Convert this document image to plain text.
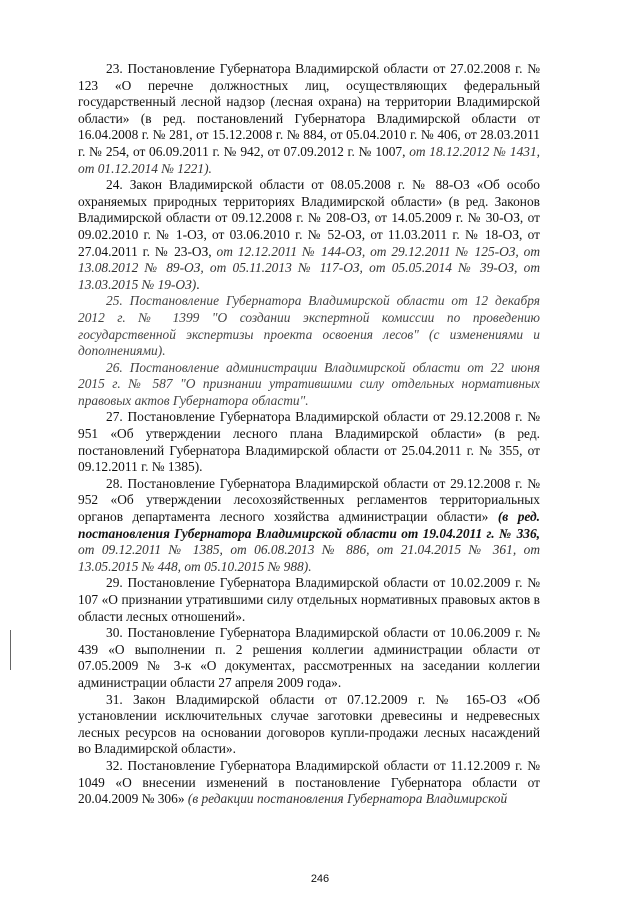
23. Постановление Губернатора Владимирской области от 27.02.2008 г. № 123 «О перечне должностных лиц, осуществляющих федеральный государственный лесной надзор (лесная охрана) на территории Владимирской области» (в ред. постановлений Губернатора Владимирской области от 16.04.2008 г. № 281, от 15.12.2008 г. № 884, от 05.04.2010 г. № 406, от 28.03.2011 г. № 254, от 06.09.2011 г. № 942, от 07.09.2012 г. № 1007, от 18.12.2012 № 1431, от 01.12.2014 № 1221).

24. Закон Владимирской области от 08.05.2008 г. № 88-ОЗ «Об особо охраняемых природных территориях Владимирской области» (в ред. Законов Владимирской области от 09.12.2008 г. № 208-ОЗ, от 14.05.2009 г. № 30-ОЗ, от 09.02.2010 г. № 1-ОЗ, от 03.06.2010 г. № 52-ОЗ, от 11.03.2011 г. № 18-ОЗ, от 27.04.2011 г. № 23-ОЗ, от 12.12.2011 № 144-ОЗ, от 29.12.2011 № 125-ОЗ, от 13.08.2012 № 89-ОЗ, от 05.11.2013 № 117-ОЗ, от 05.05.2014 № 39-ОЗ, от 13.03.2015 № 19-ОЗ).

25. Постановление Губернатора Владимирской области от 12 декабря 2012 г. № 1399 "О создании экспертной комиссии по проведению государственной экспертизы проекта освоения лесов" (с изменениями и дополнениями).

26. Постановление администрации Владимирской области от 22 июня 2015 г. № 587 "О признании утратившими силу отдельных нормативных правовых актов Губернатора области".

27. Постановление Губернатора Владимирской области от 29.12.2008 г. № 951 «Об утверждении лесного плана Владимирской области» (в ред. постановлений Губернатора Владимирской области от 25.04.2011 г. № 355, от 09.12.2011 г. № 1385).

28. Постановление Губернатора Владимирской области от 29.12.2008 г. № 952 «Об утверждении лесохозяйственных регламентов территориальных органов департамента лесного хозяйства администрации области» (в ред. постановления Губернатора Владимирской области от 19.04.2011 г. № 336, от 09.12.2011 № 1385, от 06.08.2013 № 886, от 21.04.2015 № 361, от 13.05.2015 № 448, от 05.10.2015 № 988).

29. Постановление Губернатора Владимирской области от 10.02.2009 г. № 107 «О признании утратившими силу отдельных нормативных правовых актов в области лесных отношений».

30. Постановление Губернатора Владимирской области от 10.06.2009 г. № 439 «О выполнении п. 2 решения коллегии администрации области от 07.05.2009 № 3-к «О документах, рассмотренных на заседании коллегии администрации области 27 апреля 2009 года».

31. Закон Владимирской области от 07.12.2009 г. № 165-ОЗ «Об установлении исключительных случае заготовки древесины и недревесных лесных ресурсов на основании договоров купли-продажи лесных насаждений во Владимирской области».

32. Постановление Губернатора Владимирской области от 11.12.2009 г. № 1049 «О внесении изменений в постановление Губернатора области от 20.04.2009 № 306» (в редакции постановления Губернатора Владимирской

246
